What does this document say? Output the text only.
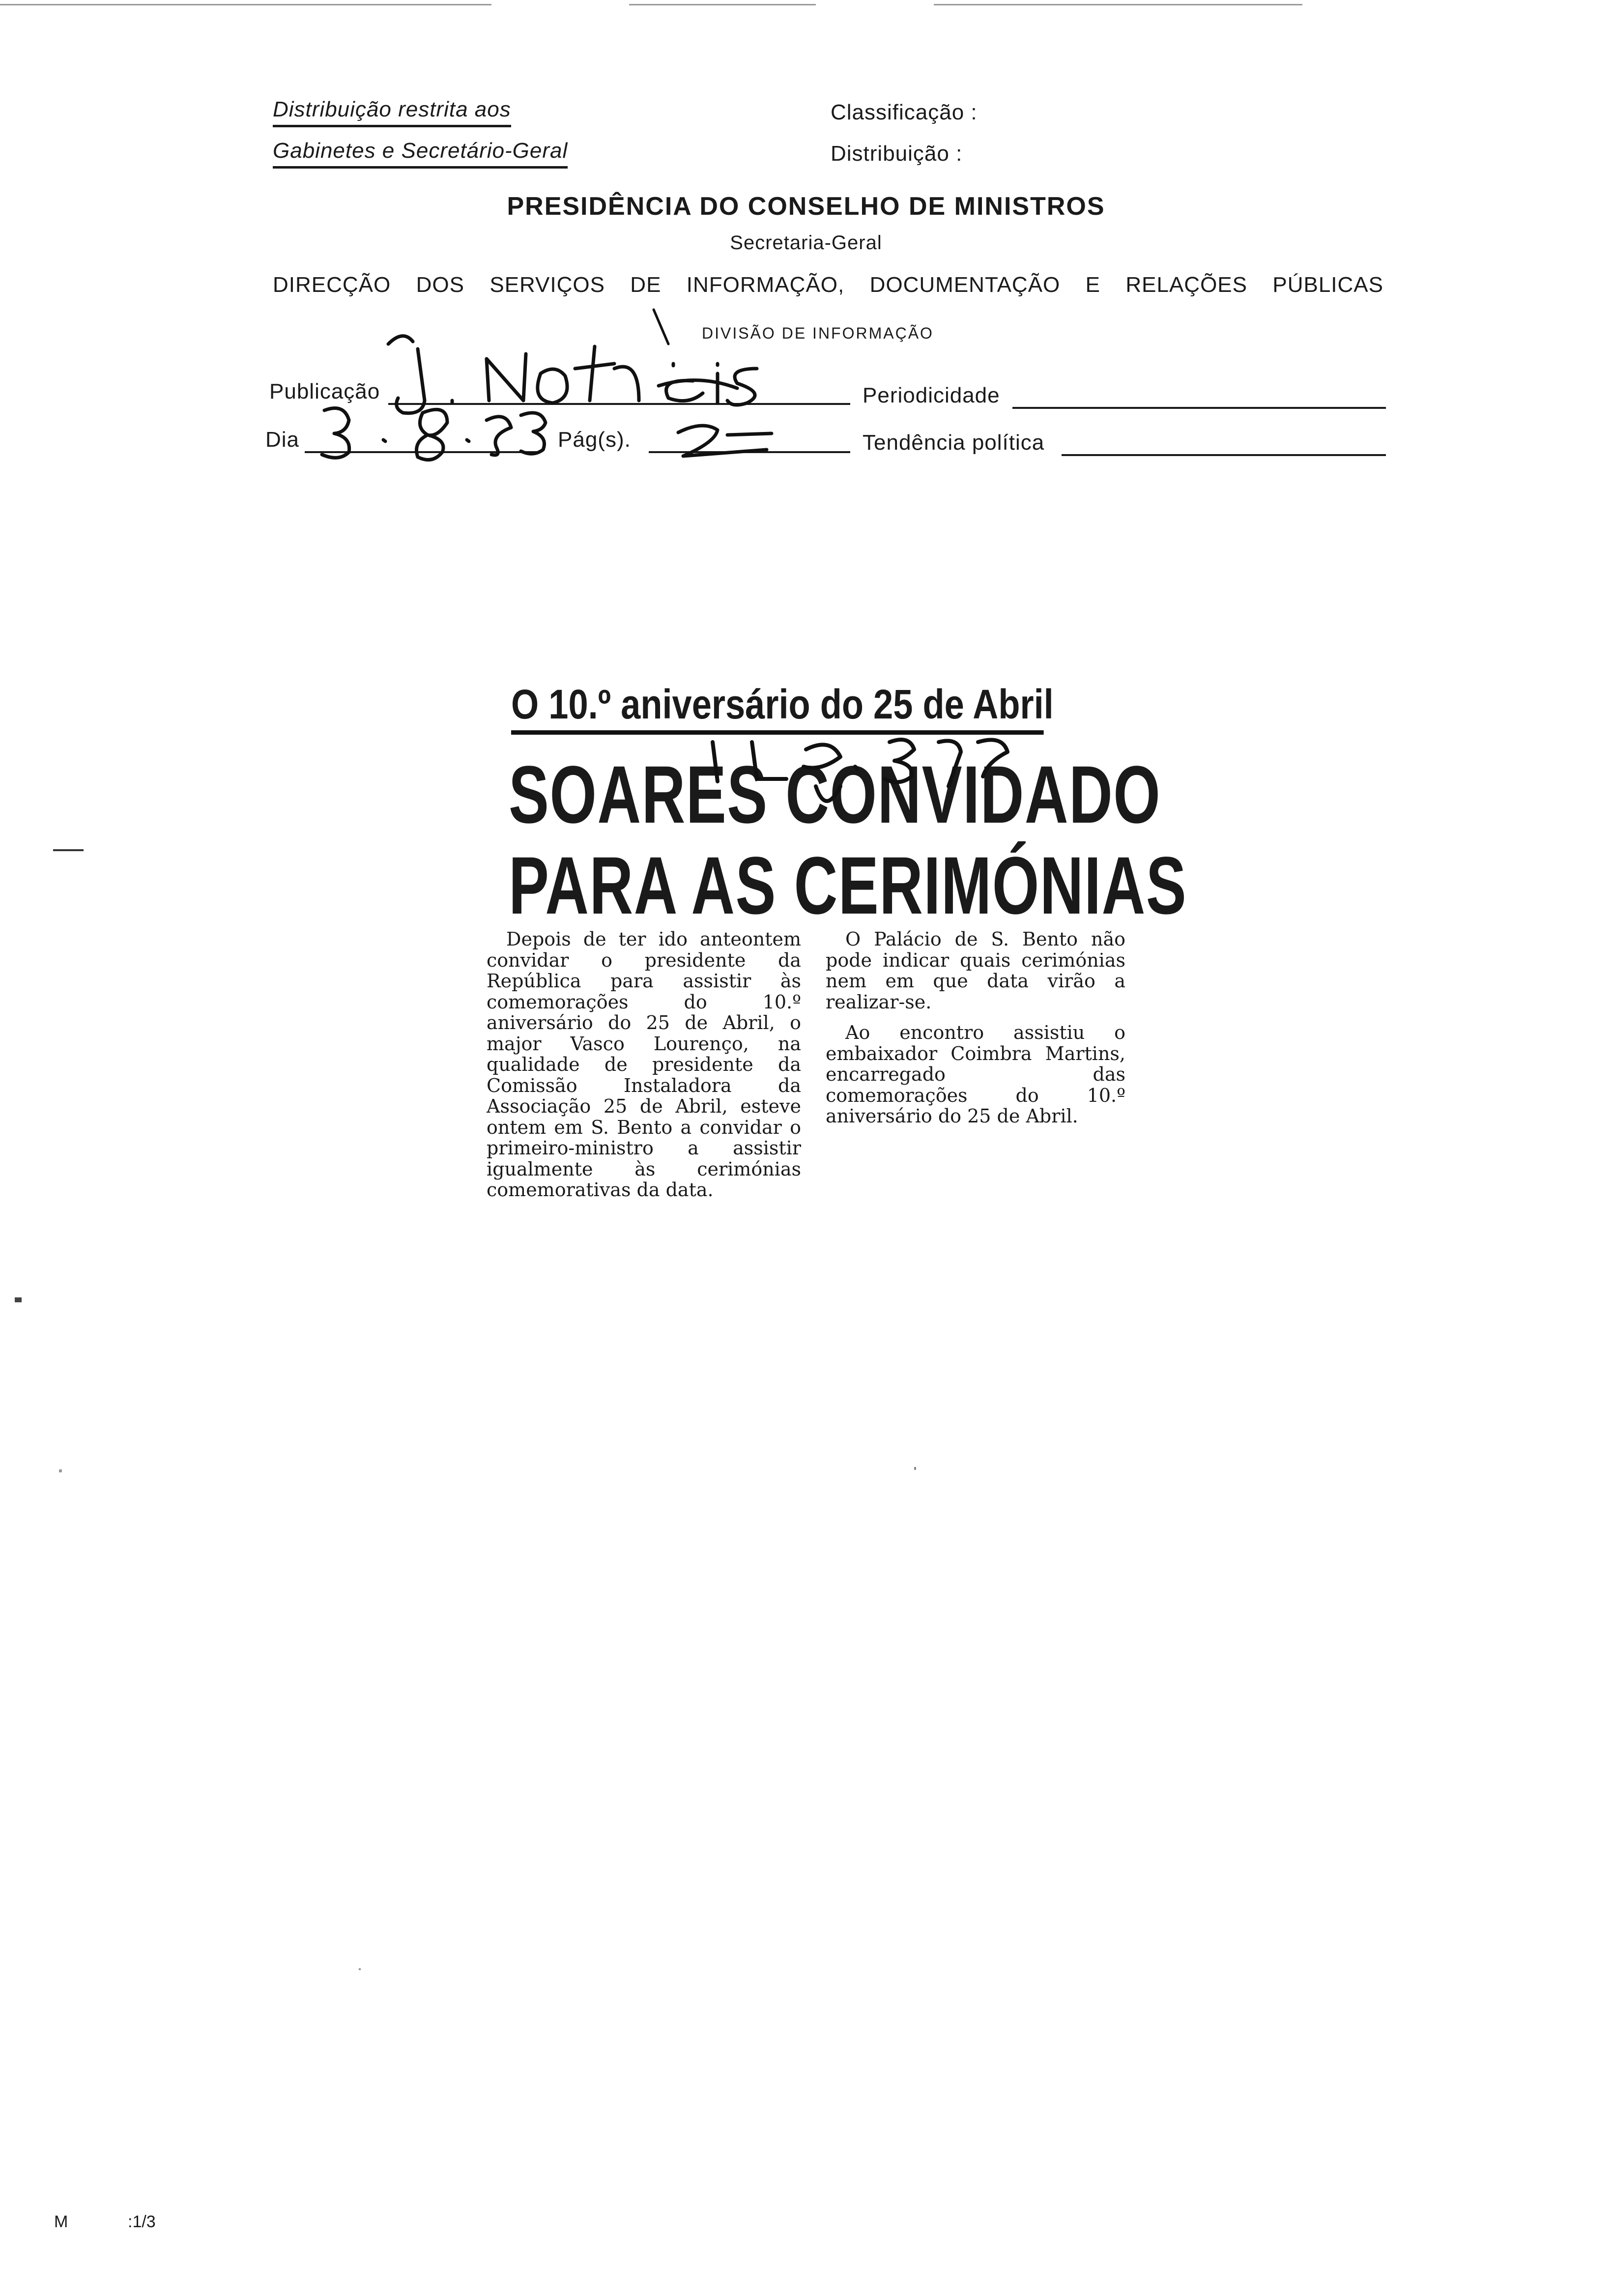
Distribuição restrita aos
Gabinetes e Secretário-Geral
Classificação :
Distribuição :
PRESIDÊNCIA DO CONSELHO DE MINISTROS
Secretaria-Geral
DIRECÇÃO DOS SERVIÇOS DE INFORMAÇÃO, DOCUMENTAÇÃO E RELAÇÕES PÚBLICAS
DIVISÃO DE INFORMAÇÃO
Publicação	Periodicidade
Dia	Pág(s).	Tendência política
O 10.º aniversário do 25 de Abril
SOARES CONVIDADO
PARA AS CERIMÓNIAS

Depois de ter ido anteontem convidar o presidente da República para assistir às comemorações do 10.º aniversário do 25 de Abril, o major Vasco Lourenço, na qualidade de presidente da Comissão Instaladora da Associação 25 de Abril, esteve ontem em S. Bento a convidar o primeiro-ministro a assistir igualmente às cerimónias comemorativas da data.

O Palácio de S. Bento não pode indicar quais cerimónias nem em que data virão a realizar-se.

Ao encontro assistiu o embaixador Coimbra Martins, encarregado das comemorações do 10.º aniversário do 25 de Abril.

M	:1/3
